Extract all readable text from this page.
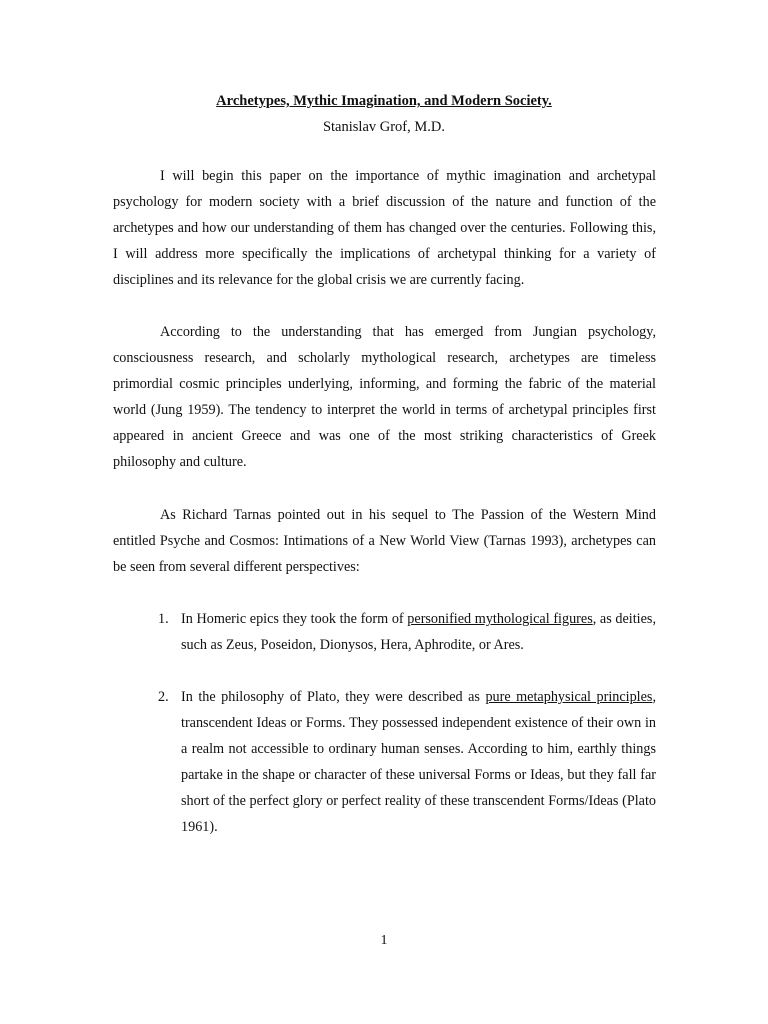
Archetypes, Mythic Imagination, and Modern Society.
Stanislav Grof, M.D.

I will begin this paper on the importance of mythic imagination and archetypal psychology for modern society with a brief discussion of the nature and function of the archetypes and how our understanding of them has changed over the centuries. Following this, I will address more specifically the implications of archetypal thinking for a variety of disciplines and its relevance for the global crisis we are currently facing.

According to the understanding that has emerged from Jungian psychology, consciousness research, and scholarly mythological research, archetypes are timeless primordial cosmic principles underlying, informing, and forming the fabric of the material world (Jung 1959). The tendency to interpret the world in terms of archetypal principles first appeared in ancient Greece and was one of the most striking characteristics of Greek philosophy and culture.

As Richard Tarnas pointed out in his sequel to The Passion of the Western Mind entitled Psyche and Cosmos: Intimations of a New World View (Tarnas 1993), archetypes can be seen from several different perspectives:

1. In Homeric epics they took the form of personified mythological figures, as deities, such as Zeus, Poseidon, Dionysos, Hera, Aphrodite, or Ares.

2. In the philosophy of Plato, they were described as pure metaphysical principles, transcendent Ideas or Forms. They possessed independent existence of their own in a realm not accessible to ordinary human senses. According to him, earthly things partake in the shape or character of these universal Forms or Ideas, but they fall far short of the perfect glory or perfect reality of these transcendent Forms/Ideas (Plato 1961).

1
